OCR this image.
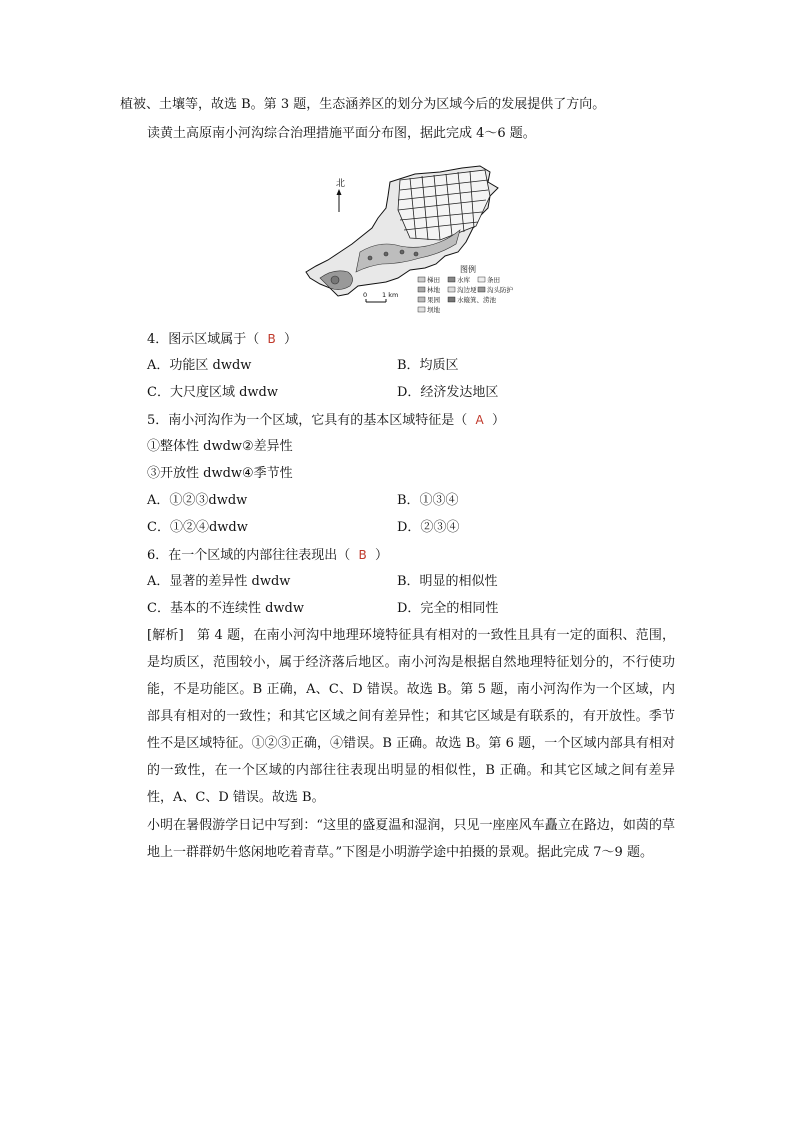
植被、土壤等，故选 B。第 3 题，生态涵养区的划分为区域今后的发展提供了方向。
读黄土高原南小河沟综合治理措施平面分布图，据此完成 4～6 题。
北
图例
梯田	水库	条田
林地	沟边埂 沟头防护
果园	水簸箕、涝池
坝地
0 1 km
4．图示区域属于（ B ）
A．功能区 dwdw	B．均质区
C．大尺度区域 dwdw	D．经济发达地区
5．南小河沟作为一个区域，它具有的基本区域特征是（ A ）
①整体性 dwdw②差异性
③开放性 dwdw④季节性
A．①②③dwdw	B．①③④
C．①②④dwdw	D．②③④
6．在一个区域的内部往往表现出（ B ）
A．显著的差异性 dwdw	B．明显的相似性
C．基本的不连续性 dwdw	D．完全的相同性
[解析]　第 4 题，在南小河沟中地理环境特征具有相对的一致性且具有一定的面积、范围，是均质区，范围较小，属于经济落后地区。南小河沟是根据自然地理特征划分的，不行使功能，不是功能区。B 正确，A、C、D 错误。故选 B。第 5 题，南小河沟作为一个区域，内部具有相对的一致性；和其它区域之间有差异性；和其它区域是有联系的，有开放性。季节性不是区域特征。①②③正确，④错误。B 正确。故选 B。第 6 题，一个区域内部具有相对的一致性，在一个区域的内部往往表现出明显的相似性，B 正确。和其它区域之间有差异性，A、C、D 错误。故选 B。
小明在暑假游学日记中写到：“这里的盛夏温和湿润，只见一座座风车矗立在路边，如茵的草地上一群群奶牛悠闲地吃着青草。”下图是小明游学途中拍摄的景观。据此完成 7～9 题。
